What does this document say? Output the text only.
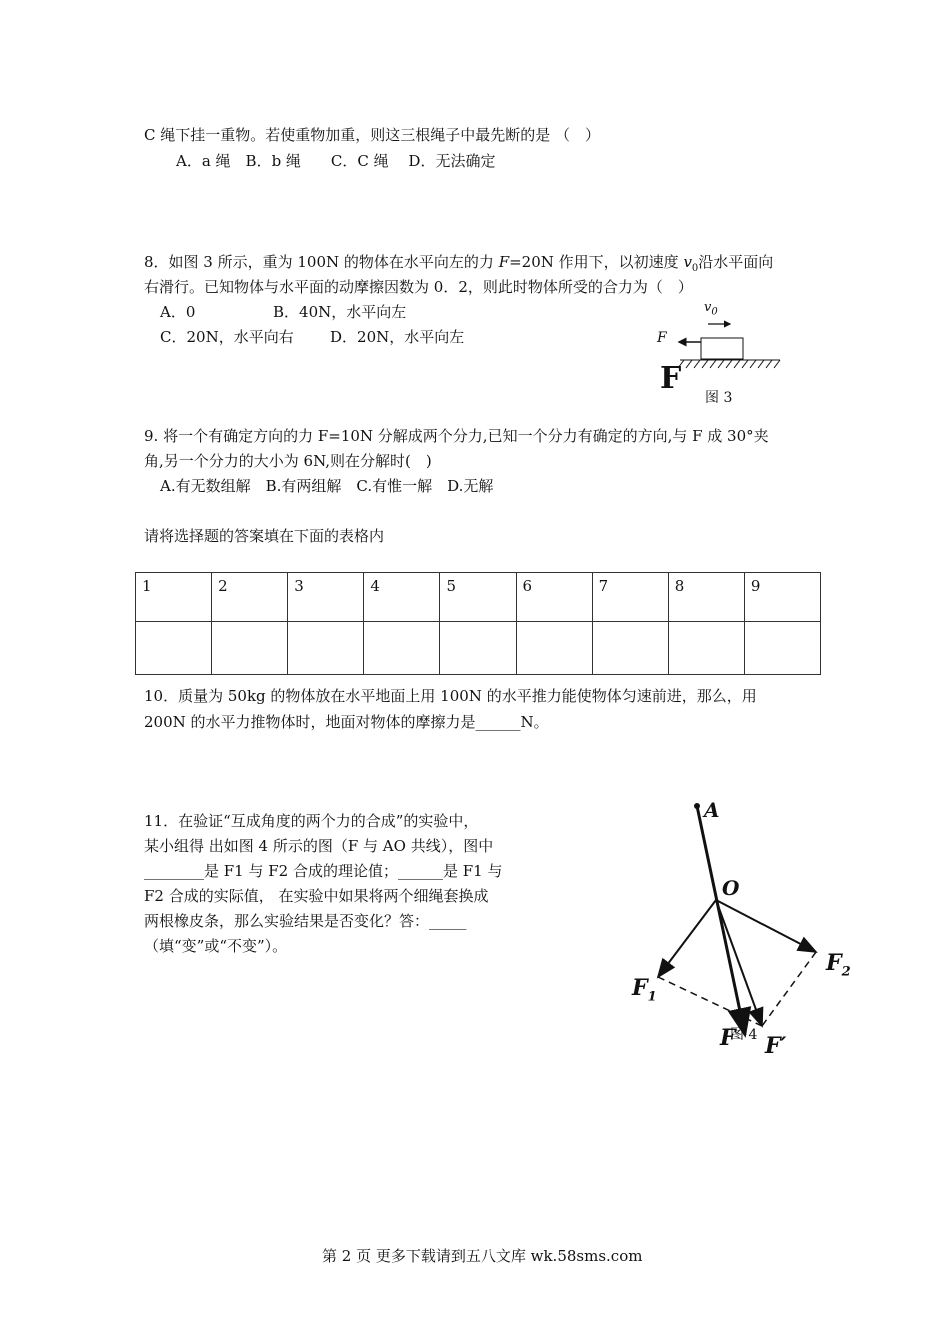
C 绳下挂一重物。若使重物加重，则这三根绳子中最先断的是 （　）
A．a 绳　B．b 绳　　C．C 绳　 D．无法确定
8．如图 3 所示，重为 100N 的物体在水平向左的力 F=20N 作用下，以初速度 $v_0$沿水平面向
右滑行。已知物体与水平面的动摩擦因数为 0．2，则此时物体所受的合力为（　）
A．0	B．40N，水平向左
C．20N，水平向右 D．20N，水平向左
$v_0$
F
F
图 3
9. 将一个有确定方向的力 F=10N 分解成两个分力,已知一个分力有确定的方向,与 F 成 30°夹
角,另一个分力的大小为 6N,则在分解时(　)
A.有无数组解　B.有两组解　C.有惟一解　D.无解
请将选择题的答案填在下面的表格内
1	2	3	4	5	6	7	8	9

10．质量为 50kg 的物体放在水平地面上用 100N 的水平推力能使物体匀速前进，那么，用
200N 的水平力推物体时，地面对物体的摩擦力是______N。
11．在验证“互成角度的两个力的合成”的实验中，
某小组得 出如图 4 所示的图（F 与 AO 共线），图中
________是 F1 与 F2 合成的理论值；______是 F1 与
F2 合成的实际值， 在实验中如果将两个细绳套换成
两根橡皮条，那么实验结果是否变化？答：_____
（填“变”或“不变”）。
A
O
$F_1$
$F_2$
F F′
图 4
第 2 页 更多下载请到五八文库 wk.58sms.com
